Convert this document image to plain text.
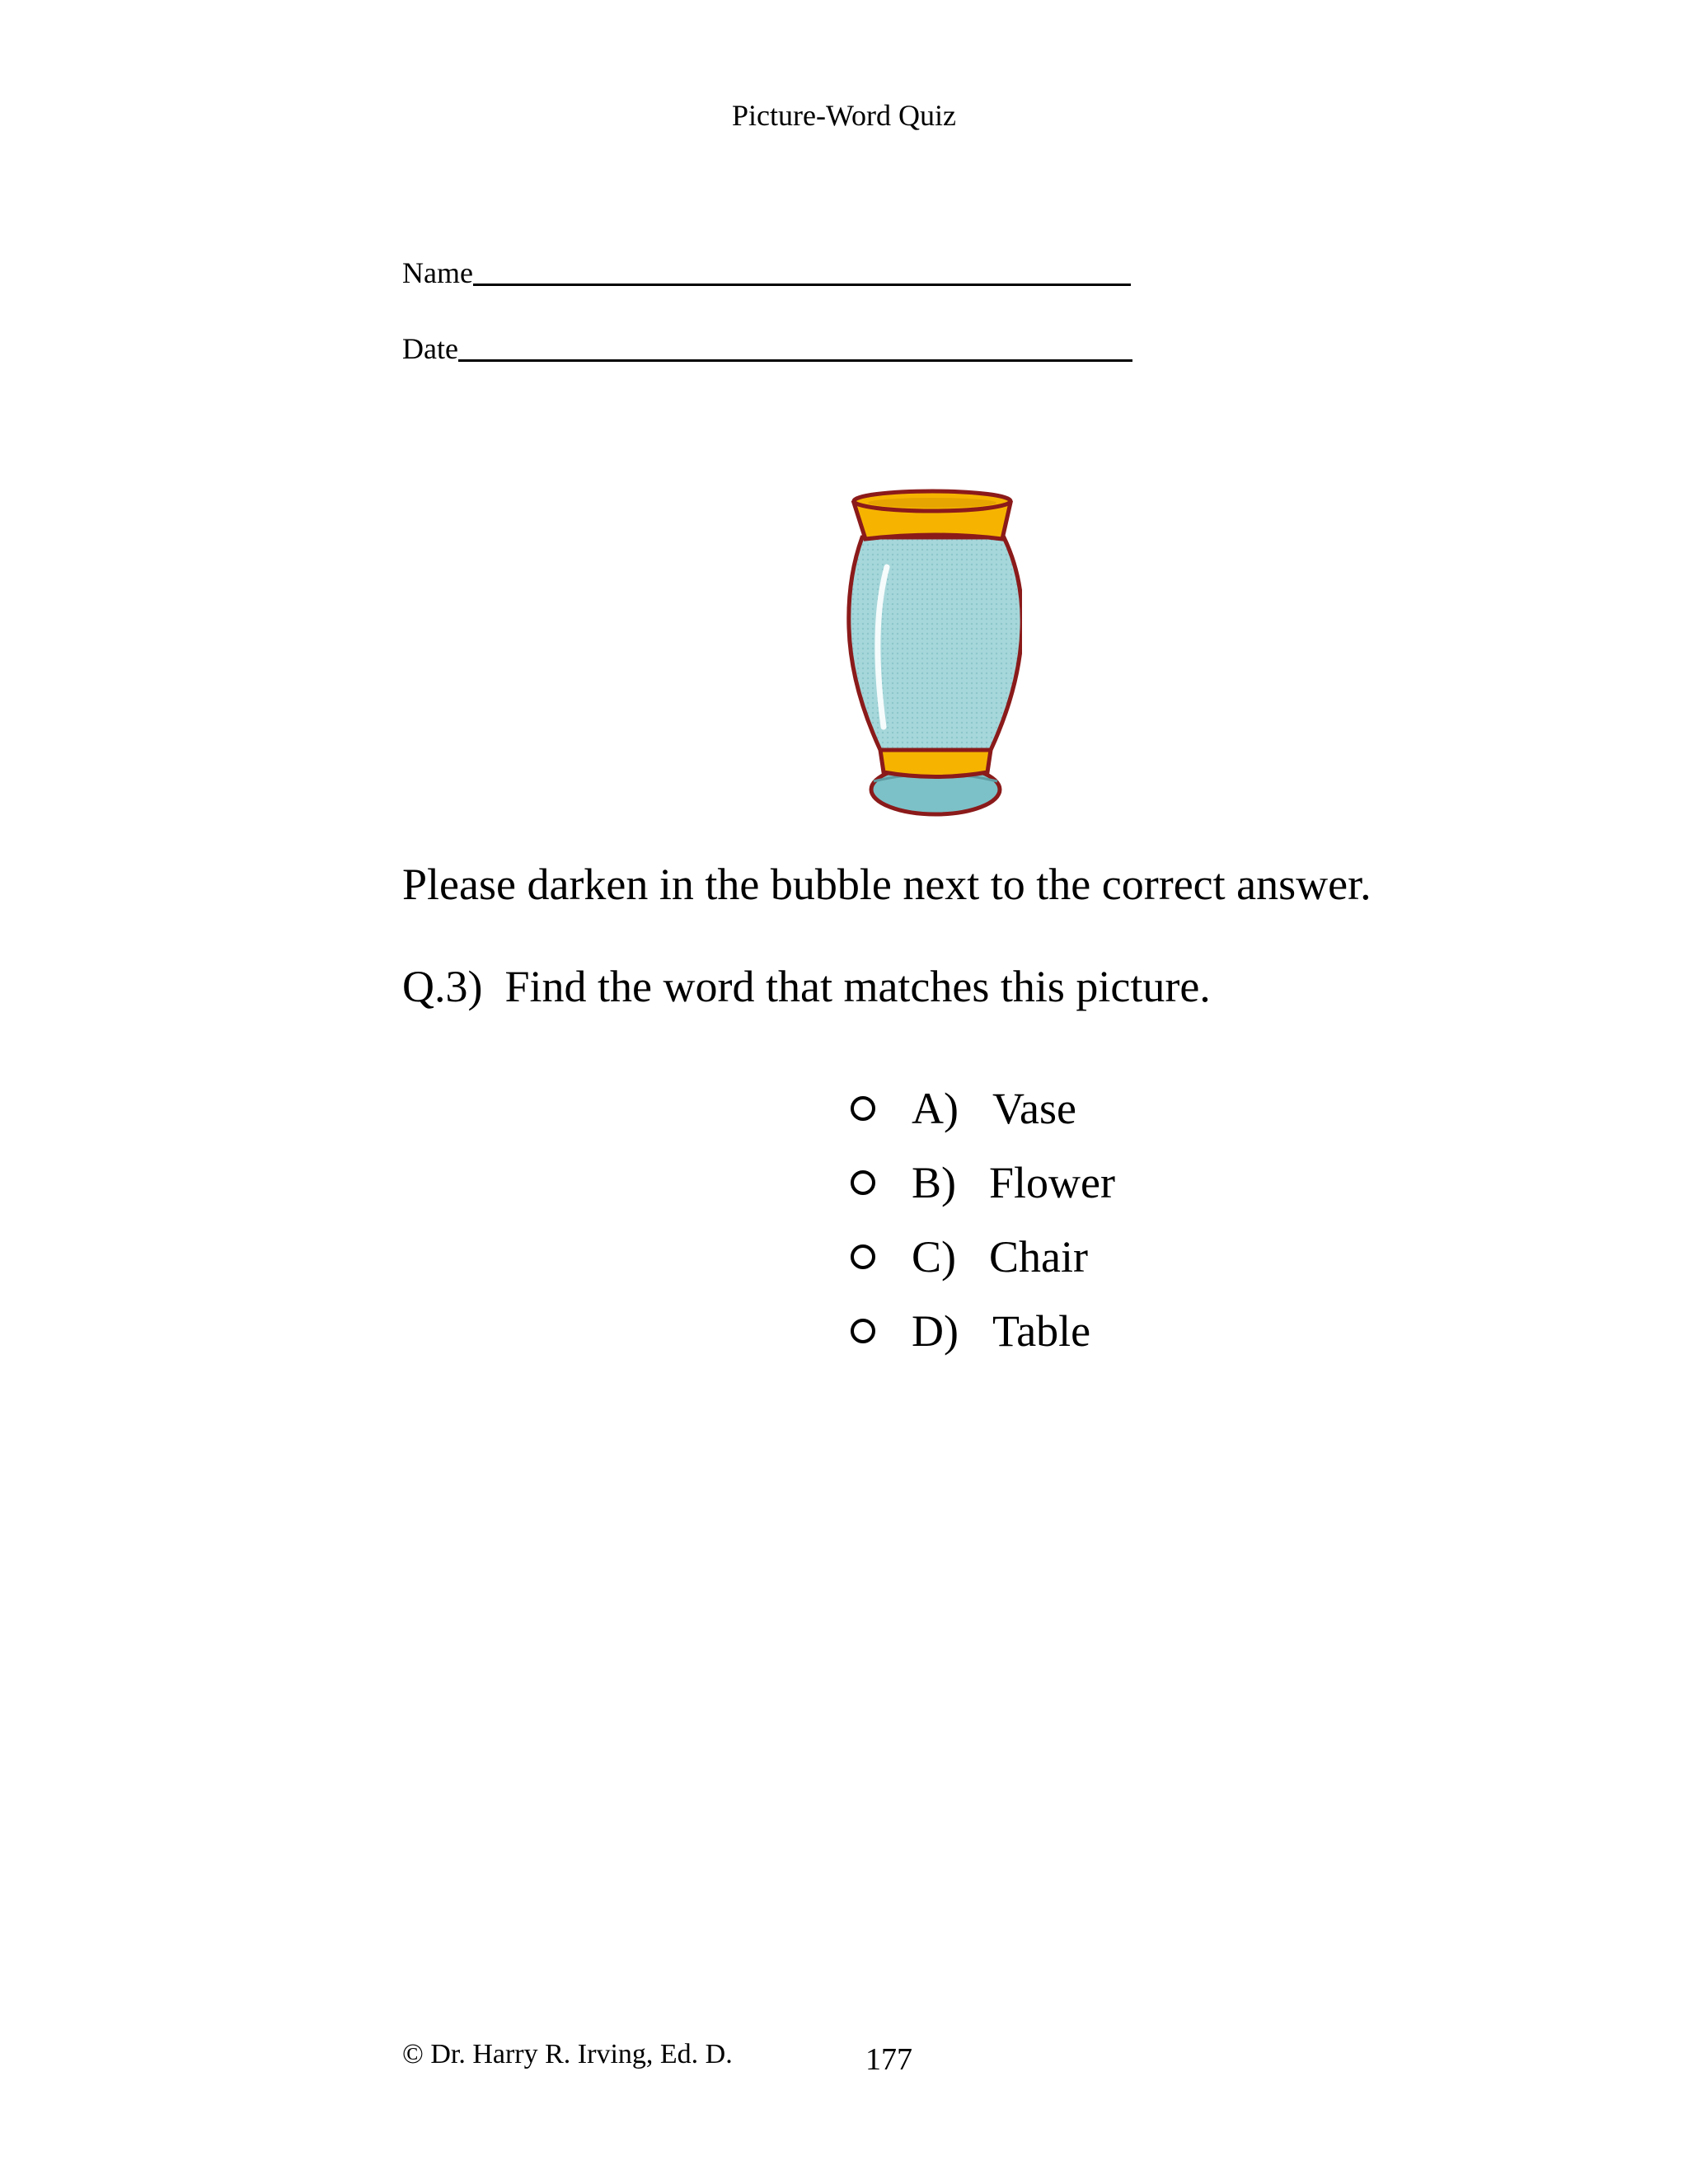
Picture-Word Quiz
Name
Date
Please darken in the bubble next to the correct answer.
Q.3) Find the word that matches this picture.
A) Vase
B) Flower
C) Chair
D) Table
© Dr. Harry R. Irving, Ed. D.	177
